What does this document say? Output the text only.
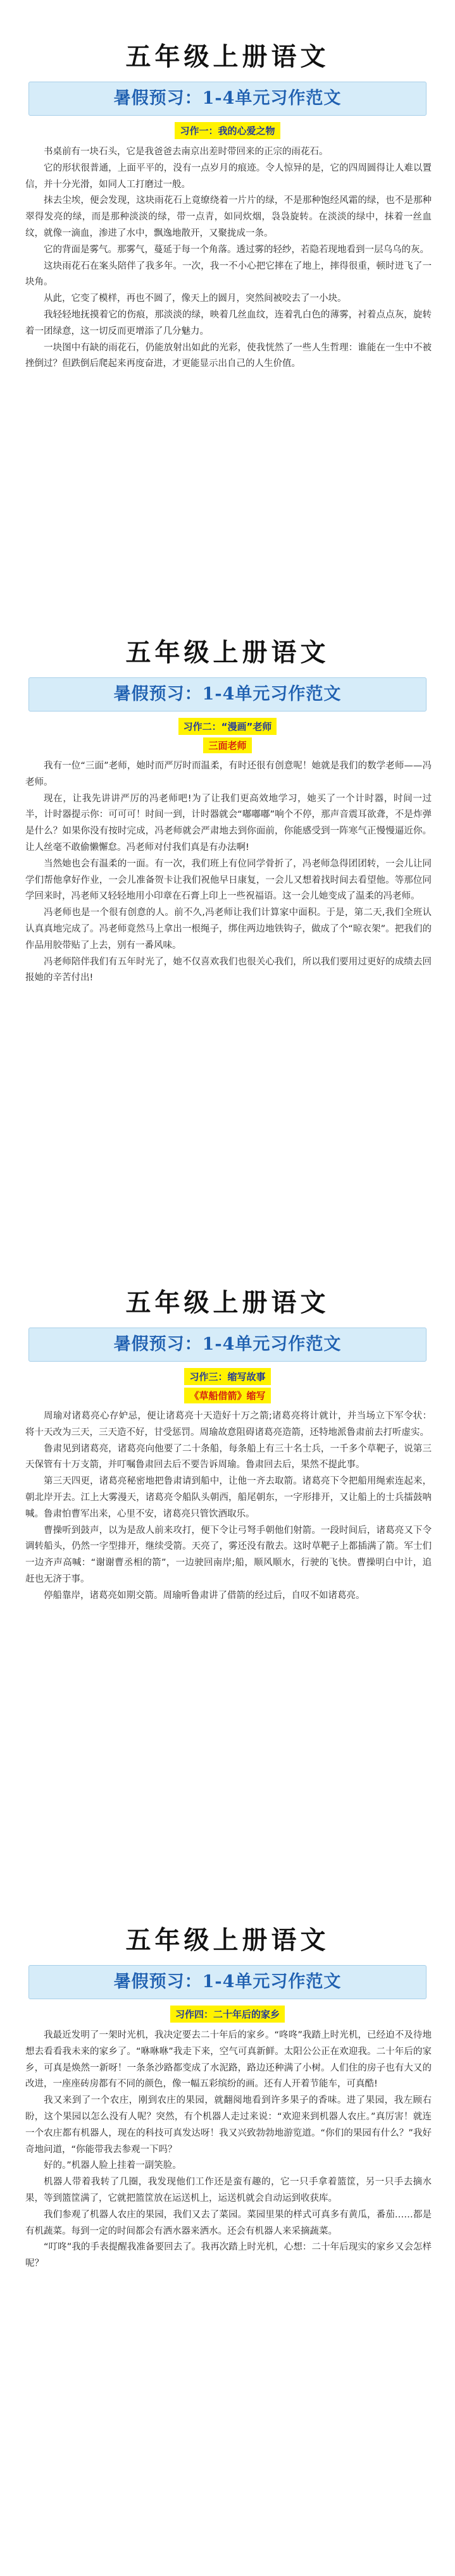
五年级上册语文
暑假预习：1-4单元习作范文
习作一：我的心爱之物

书桌前有一块石头，它是我爸爸去南京出差时带回来的正宗的雨花石。

它的形状很普通，上面平平的，没有一点岁月的痕迹。令人惊异的是，它的四周圆得让人难以置信，并十分光滑，如同人工打磨过一般。

抹去尘埃，便会发现，这块雨花石上竟缭绕着一片片的绿，不是那种饱经风霜的绿，也不是那种翠得发亮的绿，而是那种淡淡的绿，带一点青，如同炊烟，袅袅旋转。在淡淡的绿中，抹着一丝血纹，就像一滴血，渗进了水中，飘逸地散开，又聚拢成一条。

它的背面是雾气。那雾气，蔓延于每一个角落。透过雾的轻纱，若隐若现地看到一层乌乌的灰。

这块雨花石在案头陪伴了我多年。一次，我一不小心把它摔在了地上，摔得很重，顿时迸飞了一块角。

从此，它变了模样，再也不圆了，像天上的圆月，突然间被咬去了一小块。

我轻轻地抚摸着它的伤痕，那淡淡的绿，映着几丝血纹，连着乳白色的薄雾，衬着点点灰，旋转着一团绿意，这一切反而更增添了几分魅力。

一块图中有缺的雨花石，仍能放射出如此的光彩，使我恍然了一些人生哲理：谁能在一生中不被挫倒过？但跌倒后爬起来再度奋进，才更能显示出自己的人生价值。

五年级上册语文
暑假预习：1-4单元习作范文
习作二：“漫画”老师
三面老师

我有一位“三面”老师，她时而严厉时而温柔，有时还很有创意呢！她就是我们的数学老师——冯老师。

现在，让我先讲讲严厉的冯老师吧!为了让我们更高效地学习，她买了一个计时器，时间一过半，计时器提示你：可可可！时间一到，计时器就会“嘟嘟嘟”响个不停，那声音震耳欲聋，不是炸弹是什么？如果你没有按时完成，冯老师就会严肃地去到你面前，你能感受到一阵寒气正慢慢逼近你。让人丝毫不敢偷懒懈怠。冯老师对付我们真是有办法啊!

当然她也会有温柔的一面。有一次，我们班上有位同学骨折了，冯老师急得团团转，一会儿让同学们帮他拿好作业，一会儿准备贺卡让我们祝他早日康复，一会儿又想着找时间去看望他。等那位同学回来时，冯老师又轻轻地用小印章在石膏上印上一些祝福语。这一会儿她变成了温柔的冯老师。

冯老师也是一个很有创意的人。前不久,冯老师让我们计算家中面积。于是，第二天,我们全班认认真真地完成了。冯老师竟然马上拿出一根绳子，绑住两边地铁钩子，做成了个“晾衣架”。把我们的作品用胶带贴了上去，别有一番风味。

冯老师陪伴我们有五年时光了，她不仅喜欢我们也很关心我们，所以我们要用过更好的成绩去回报她的辛苦付出!

五年级上册语文
暑假预习：1-4单元习作范文
习作三：缩写故事
《草船借箭》缩写

周瑜对诸葛亮心存妒忌，便让诸葛亮十天造好十万之箭;诸葛亮将计就计，并当场立下军令状：将十天改为三天，三天造不好，甘受惩罚。周瑜故意阻碍诸葛亮造箭，还特地派鲁肃前去打听虚实。

鲁肃见到诸葛亮，诸葛亮向他要了二十条船，每条船上有三十名士兵，一千多个草靶子，说第三天保管有十万支箭，并叮嘱鲁肃回去后不要告诉周瑜。鲁肃回去后，果然不提此事。

第三天四更，诸葛亮秘密地把鲁肃请到船中，让他一齐去取箭。诸葛亮下令把船用绳索连起来，朝北岸开去。江上大雾漫天，诸葛亮令船队头朝西，船尾朝东，一字形排开，又让船上的士兵擂鼓呐喊。鲁肃怕曹军出来，心里不安，诸葛亮只管饮酒取乐。

曹操听到鼓声，以为是敌人前来攻打，便下令让弓弩手朝他们射箭。一段时间后，诸葛亮又下令调转船头，仍然一字型排开，继续受箭。天亮了，雾还没有散去。这时草靶子上都插满了箭。军士们一边齐声高喊：“谢谢曹丞相的箭”，一边驶回南岸;船，顺风顺水，行驶的飞快。曹操明白中计，追赶也无济于事。

停船靠岸，诸葛亮如期交箭。周瑜听鲁肃讲了借箭的经过后，自叹不如诸葛亮。

五年级上册语文
暑假预习：1-4单元习作范文
习作四：二十年后的家乡

我最近发明了一架时光机，我决定要去二十年后的家乡。“咚咚”我踏上时光机，已经迫不及待地想去看看我未来的家乡了。“咻咻咻”我走下来，空气可真新鲜。太阳公公正在欢迎我。二十年后的家乡，可真是焕然一新呀！一条条沙路都变成了水泥路，路边还种满了小树。人们住的房子也有大又的改进，一座座砖房都有不同的颜色，像一幅五彩缤纷的画。还有人开着节能车，可真酷!

我又来到了一个农庄，刚到农庄的果园，就翻阅地看到许多果子的香味。进了果园，我左顾右盼，这个果园以怎么没有人呢？突然，有个机器人走过来说：“欢迎来到机器人农庄。”真厉害！就连一个农庄都有机器人，现在的科技可真发达呀！我又兴致勃勃地游览道。“你们的果园有什么？”我好奇地问道，“你能带我去参观一下吗？

好的。”机器人脸上挂着一副笑脸。

机器人带着我转了几圈，我发现他们工作还是蛮有趣的，它一只手拿着篮筐，另一只手去摘水果，等到篮筐满了，它就把篮筐放在运送机上，运送机就会自动运到收获库。

我们参观了机器人农庄的果园，我们又去了菜园。菜园里果的样式可真多有黄瓜，番茄……都是有机蔬菜。每到一定的时间都会有洒水器来洒水。还会有机器人来采摘蔬菜。

“叮咚”我的手表提醒我准备要回去了。我再次踏上时光机，心想：二十年后现实的家乡又会怎样呢？
